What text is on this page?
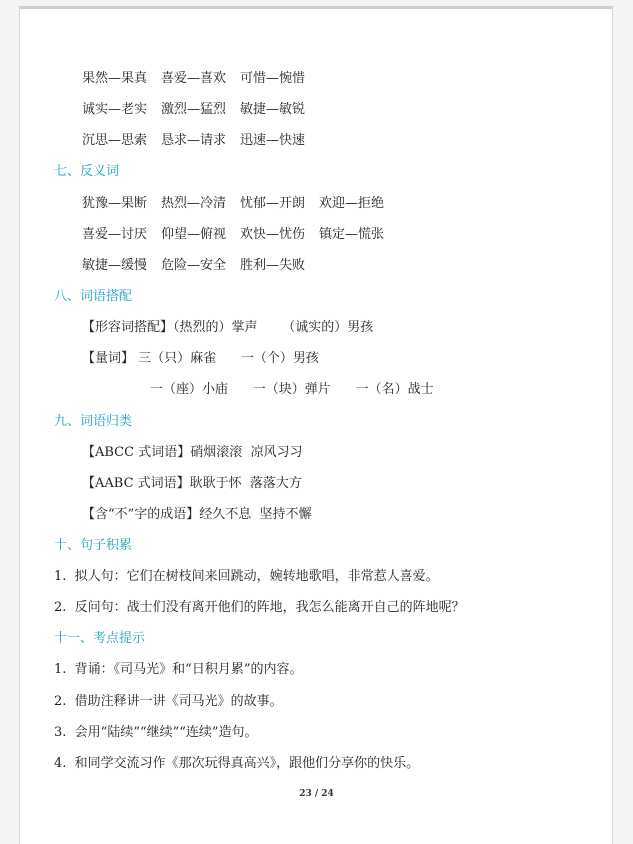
果然—果真 喜爱—喜欢 可惜—惋惜
诚实—老实 激烈—猛烈 敏捷—敏锐
沉思—思索 恳求—请求 迅速—快速
七、反义词
犹豫—果断 热烈—冷清 忧郁—开朗 欢迎—拒绝
喜爱—讨厌 仰望—俯视 欢快—忧伤 镇定—慌张
敏捷—缓慢 危险—安全 胜利—失败
八、词语搭配
【形容词搭配】（热烈的）掌声      （诚实的）男孩
【量词】 三（只）麻雀      一（个）男孩
一（座）小庙      一（块）弹片      一（名）战士
九、词语归类
【ABCC 式词语】硝烟滚滚  凉风习习
【AABC 式词语】耿耿于怀  落落大方
【含“不”字的成语】经久不息  坚持不懈
十、句子积累
1.  拟人句：它们在树枝间来回跳动，婉转地歌唱，非常惹人喜爱。
2.  反问句：战士们没有离开他们的阵地，我怎么能离开自己的阵地呢？
十一、考点提示
1.  背诵：《司马光》和“日积月累”的内容。
2.  借助注释讲一讲《司马光》的故事。
3.  会用“陆续”“继续”“连续”造句。
4.  和同学交流习作《那次玩得真高兴》，跟他们分享你的快乐。
23 / 24
